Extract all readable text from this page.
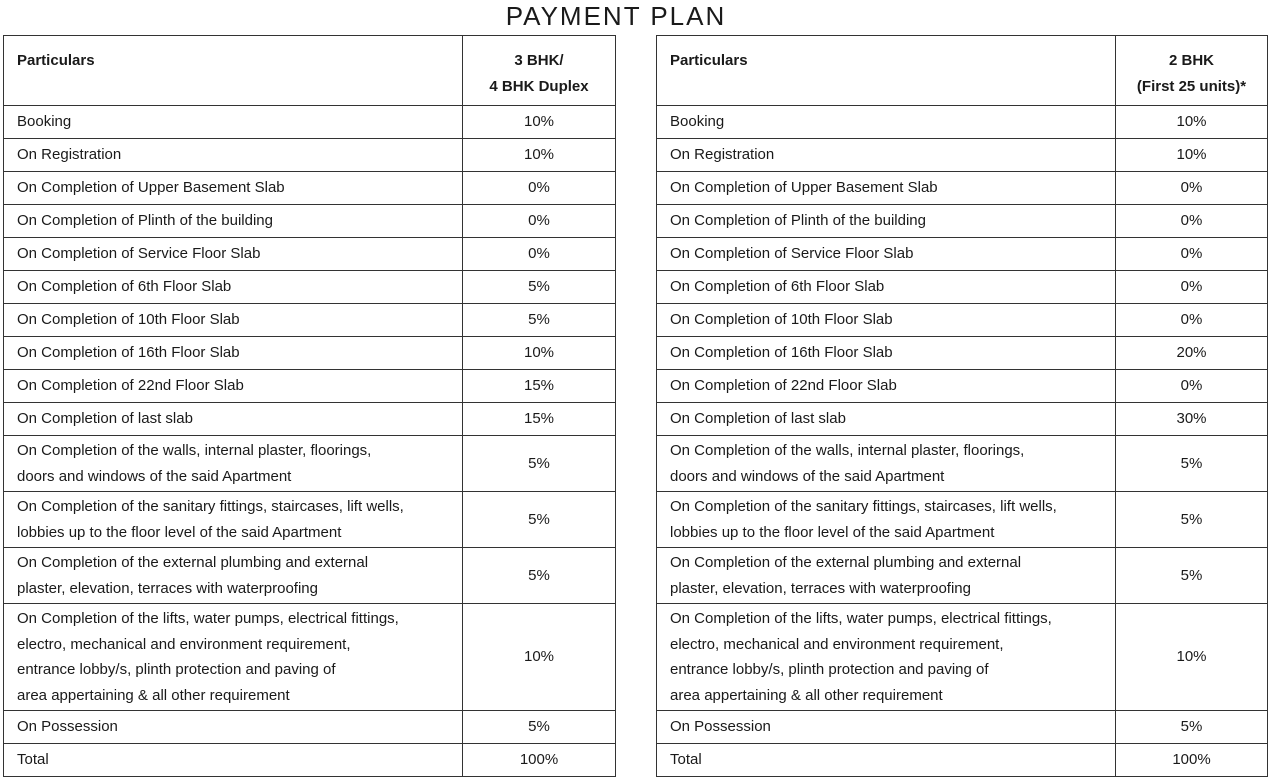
PAYMENT PLAN
Particulars	3 BHK/
4 BHK Duplex

Booking	10%
On Registration	10%
On Completion of Upper Basement Slab	0%
On Completion of Plinth of the building	0%
On Completion of Service Floor Slab	0%
On Completion of 6th Floor Slab	5%
On Completion of 10th Floor Slab	5%
On Completion of 16th Floor Slab	10%
On Completion of 22nd Floor Slab	15%
On Completion of last slab	15%

On Completion of the walls, internal plaster, floorings,
doors and windows of the said Apartment	5%

On Completion of the sanitary fittings, staircases, lift wells,
lobbies up to the floor level of the said Apartment	5%

On Completion of the external plumbing and external
plaster, elevation, terraces with waterproofing	5%

On Completion of the lifts, water pumps, electrical fittings,
electro, mechanical and environment requirement,
entrance lobby/s, plinth protection and paving of
area appertaining & all other requirement	10%
On Possession	5%
Total	100%
Particulars	2 BHK
(First 25 units)*

Booking	10%
On Registration	10%
On Completion of Upper Basement Slab	0%
On Completion of Plinth of the building	0%
On Completion of Service Floor Slab	0%
On Completion of 6th Floor Slab	0%
On Completion of 10th Floor Slab	0%
On Completion of 16th Floor Slab	20%
On Completion of 22nd Floor Slab	0%
On Completion of last slab	30%

On Completion of the walls, internal plaster, floorings,
doors and windows of the said Apartment	5%

On Completion of the sanitary fittings, staircases, lift wells,
lobbies up to the floor level of the said Apartment	5%

On Completion of the external plumbing and external
plaster, elevation, terraces with waterproofing	5%

On Completion of the lifts, water pumps, electrical fittings,
electro, mechanical and environment requirement,
entrance lobby/s, plinth protection and paving of
area appertaining & all other requirement	10%
On Possession	5%
Total	100%
